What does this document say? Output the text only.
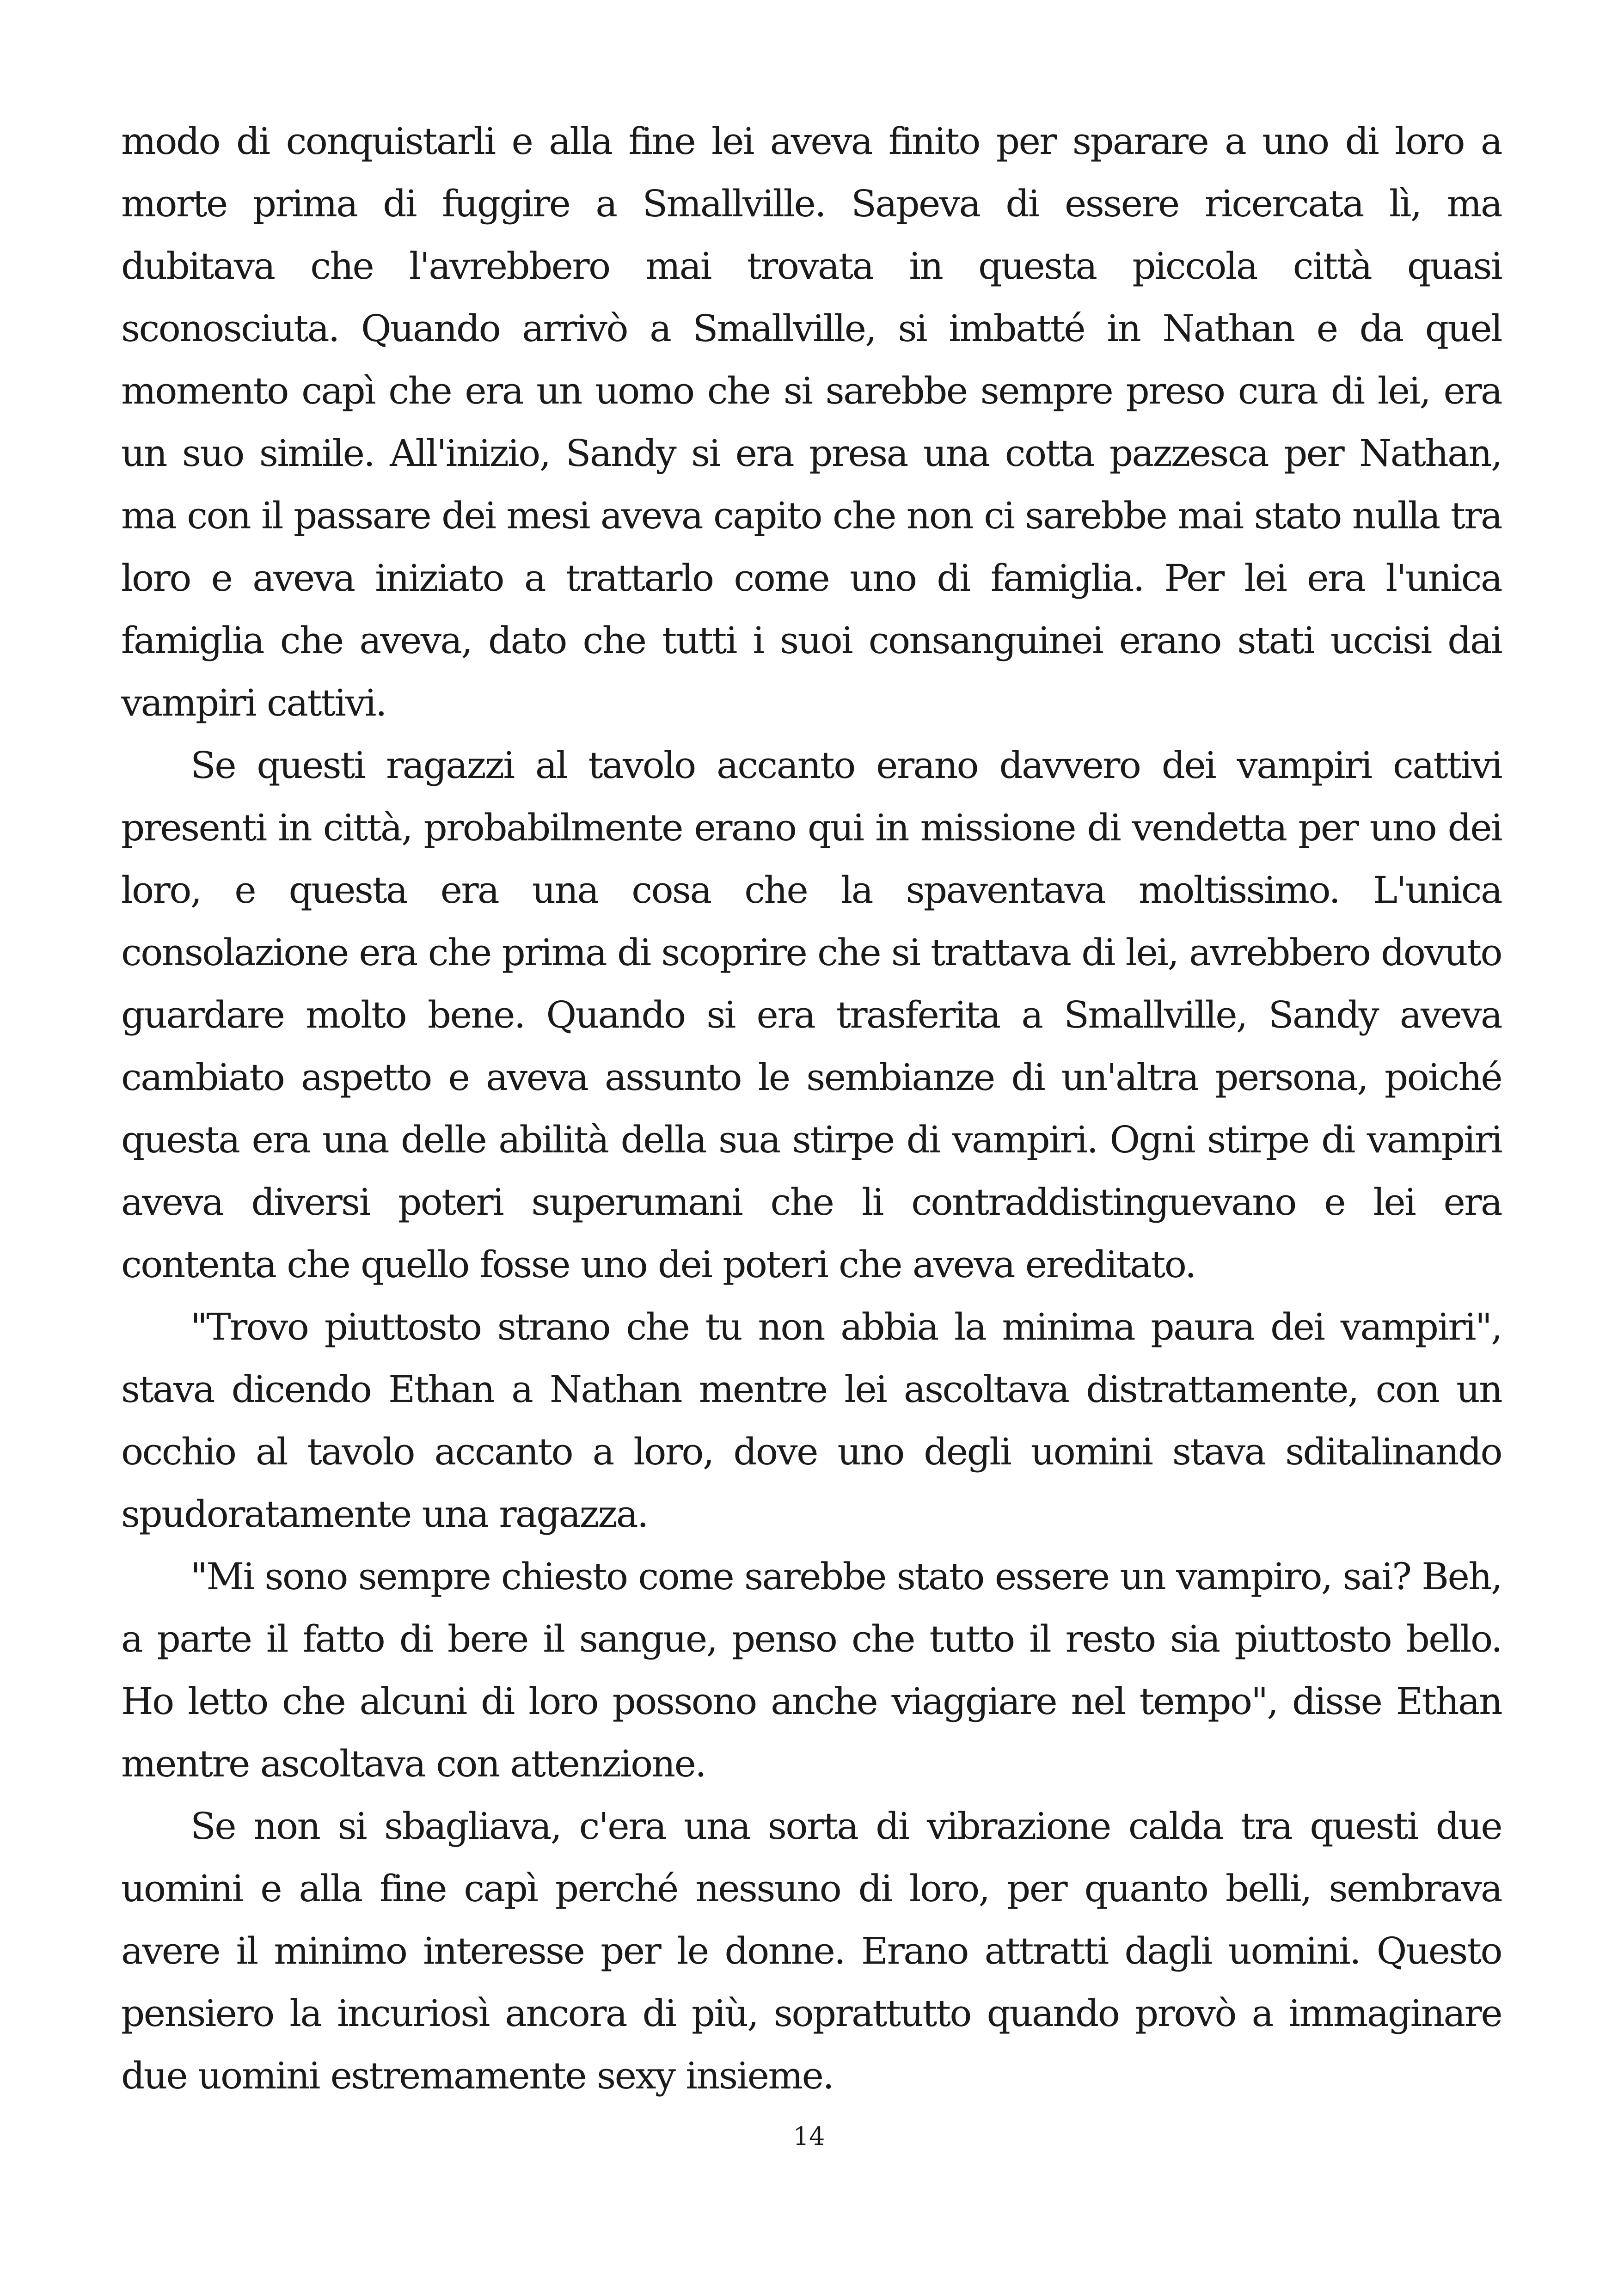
modo di conquistarli e alla fine lei aveva finito per sparare a uno di loro a morte prima di fuggire a Smallville. Sapeva di essere ricercata lì, ma dubitava che l'avrebbero mai trovata in questa piccola città quasi sconosciuta. Quando arrivò a Smallville, si imbatté in Nathan e da quel momento capì che era un uomo che si sarebbe sempre preso cura di lei, era un suo simile. All'inizio, Sandy si era presa una cotta pazzesca per Nathan, ma con il passare dei mesi aveva capito che non ci sarebbe mai stato nulla tra loro e aveva iniziato a trattarlo come uno di famiglia. Per lei era l'unica famiglia che aveva, dato che tutti i suoi consanguinei erano stati uccisi dai vampiri cattivi.

Se questi ragazzi al tavolo accanto erano davvero dei vampiri cattivi presenti in città, probabilmente erano qui in missione di vendetta per uno dei loro, e questa era una cosa che la spaventava moltissimo. L'unica consolazione era che prima di scoprire che si trattava di lei, avrebbero dovuto guardare molto bene. Quando si era trasferita a Smallville, Sandy aveva cambiato aspetto e aveva assunto le sembianze di un'altra persona, poiché questa era una delle abilità della sua stirpe di vampiri. Ogni stirpe di vampiri aveva diversi poteri superumani che li contraddistinguevano e lei era contenta che quello fosse uno dei poteri che aveva ereditato.

"Trovo piuttosto strano che tu non abbia la minima paura dei vampiri", stava dicendo Ethan a Nathan mentre lei ascoltava distrattamente, con un occhio al tavolo accanto a loro, dove uno degli uomini stava sditalinando spudoratamente una ragazza.

"Mi sono sempre chiesto come sarebbe stato essere un vampiro, sai? Beh, a parte il fatto di bere il sangue, penso che tutto il resto sia piuttosto bello. Ho letto che alcuni di loro possono anche viaggiare nel tempo", disse Ethan mentre ascoltava con attenzione.

Se non si sbagliava, c'era una sorta di vibrazione calda tra questi due uomini e alla fine capì perché nessuno di loro, per quanto belli, sembrava avere il minimo interesse per le donne. Erano attratti dagli uomini. Questo pensiero la incuriosì ancora di più, soprattutto quando provò a immaginare due uomini estremamente sexy insieme.

14
